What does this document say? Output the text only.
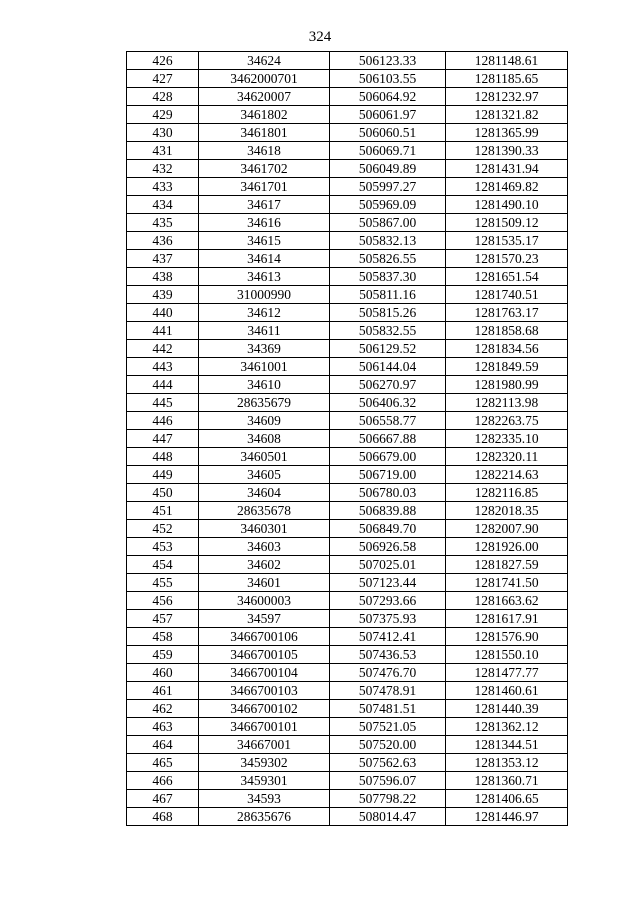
324
426	34624	506123.33	1281148.61
427	3462000701	506103.55	1281185.65
428	34620007	506064.92	1281232.97
429	3461802	506061.97	1281321.82
430	3461801	506060.51	1281365.99
431	34618	506069.71	1281390.33
432	3461702	506049.89	1281431.94
433	3461701	505997.27	1281469.82
434	34617	505969.09	1281490.10
435	34616	505867.00	1281509.12
436	34615	505832.13	1281535.17
437	34614	505826.55	1281570.23
438	34613	505837.30	1281651.54
439	31000990	505811.16	1281740.51
440	34612	505815.26	1281763.17
441	34611	505832.55	1281858.68
442	34369	506129.52	1281834.56
443	3461001	506144.04	1281849.59
444	34610	506270.97	1281980.99
445	28635679	506406.32	1282113.98
446	34609	506558.77	1282263.75
447	34608	506667.88	1282335.10
448	3460501	506679.00	1282320.11
449	34605	506719.00	1282214.63
450	34604	506780.03	1282116.85
451	28635678	506839.88	1282018.35
452	3460301	506849.70	1282007.90
453	34603	506926.58	1281926.00
454	34602	507025.01	1281827.59
455	34601	507123.44	1281741.50
456	34600003	507293.66	1281663.62
457	34597	507375.93	1281617.91
458	3466700106	507412.41	1281576.90
459	3466700105	507436.53	1281550.10
460	3466700104	507476.70	1281477.77
461	3466700103	507478.91	1281460.61
462	3466700102	507481.51	1281440.39
463	3466700101	507521.05	1281362.12
464	34667001	507520.00	1281344.51
465	3459302	507562.63	1281353.12
466	3459301	507596.07	1281360.71
467	34593	507798.22	1281406.65
468	28635676	508014.47	1281446.97
